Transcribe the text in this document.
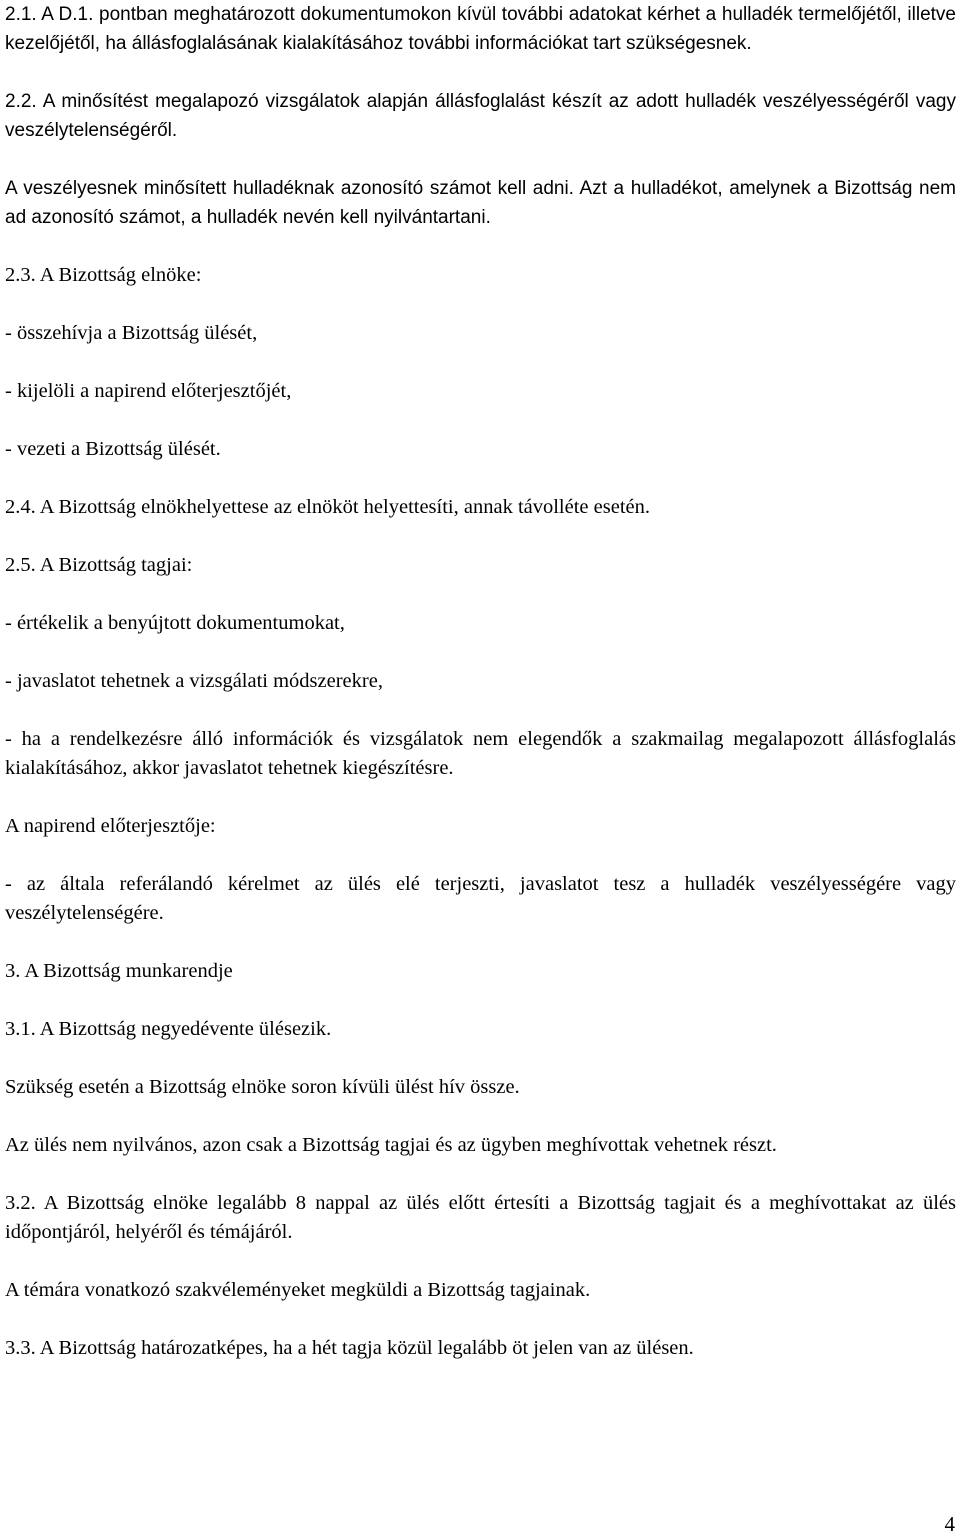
2.1. A D.1. pontban meghatározott dokumentumokon kívül további adatokat kérhet a hulladék termelőjétől, illetve kezelőjétől, ha állásfoglalásának kialakításához további információkat tart szükségesnek.

2.2. A minősítést megalapozó vizsgálatok alapján állásfoglalást készít az adott hulladék veszélyességéről vagy veszélytelenségéről.

A veszélyesnek minősített hulladéknak azonosító számot kell adni. Azt a hulladékot, amelynek a Bizottság nem ad azonosító számot, a hulladék nevén kell nyilvántartani.

2.3. A Bizottság elnöke:

- összehívja a Bizottság ülését,

- kijelöli a napirend előterjesztőjét,

- vezeti a Bizottság ülését.

2.4. A Bizottság elnökhelyettese az elnököt helyettesíti, annak távolléte esetén.

2.5. A Bizottság tagjai:

- értékelik a benyújtott dokumentumokat,

- javaslatot tehetnek a vizsgálati módszerekre,

- ha a rendelkezésre álló információk és vizsgálatok nem elegendők a szakmailag megalapozott állásfoglalás kialakításához, akkor javaslatot tehetnek kiegészítésre.

A napirend előterjesztője:

- az általa referálandó kérelmet az ülés elé terjeszti, javaslatot tesz a hulladék veszélyességére vagy veszélytelenségére.

3. A Bizottság munkarendje

3.1. A Bizottság negyedévente ülésezik.

Szükség esetén a Bizottság elnöke soron kívüli ülést hív össze.

Az ülés nem nyilvános, azon csak a Bizottság tagjai és az ügyben meghívottak vehetnek részt.

3.2. A Bizottság elnöke legalább 8 nappal az ülés előtt értesíti a Bizottság tagjait és a meghívottakat az ülés időpontjáról, helyéről és témájáról.

A témára vonatkozó szakvéleményeket megküldi a Bizottság tagjainak.

3.3. A Bizottság határozatképes, ha a hét tagja közül legalább öt jelen van az ülésen.

4
